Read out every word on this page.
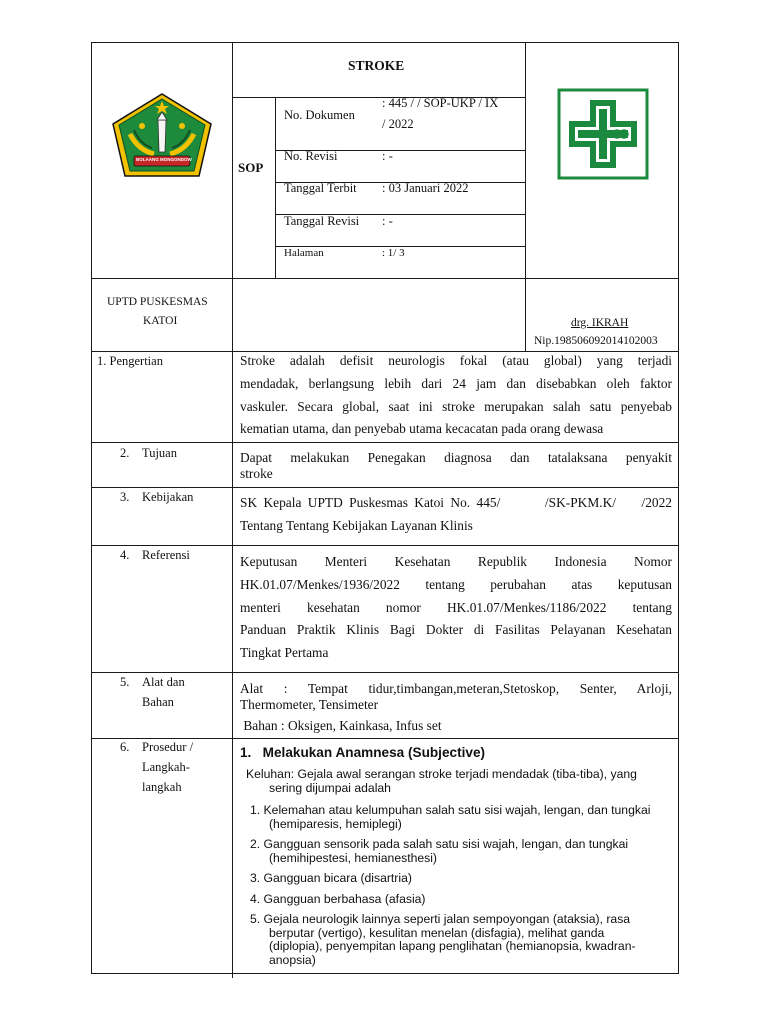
BOLAANG MONGONDOW
STROKE
SOP
No. Dokumen
: 445 / / SOP-UKP / IX
/ 2022
No. Revisi	: -
Tanggal Terbit : 03 Januari 2022
Tanggal Revisi : -
Halaman	: 1/ 3
UPTD PUSKESMAS
KATOI	drg. IKRAH
Nip.198506092014102003
1. Pengertian	Stroke adalah defisit neurologis fokal (atau global) yang terjadi
mendadak, berlangsung lebih dari 24 jam dan disebabkan oleh faktor
vaskuler. Secara global, saat ini stroke merupakan salah satu penyebab
kematian utama, dan penyebab utama kecacatan pada orang dewasa
2. Tujuan	Dapat melakukan Penegakan diagnosa dan tatalaksana penyakit
stroke
3. Kebijakan	SK Kepala UPTD Puskesmas Katoi No. 445/       /SK-PKM.K/    /2022
Tentang Tentang Kebijakan Layanan Klinis
4. Referensi	Keputusan Menteri Kesehatan Republik Indonesia Nomor
HK.01.07/Menkes/1936/2022 tentang perubahan atas keputusan
menteri kesehatan nomor HK.01.07/Menkes/1186/2022 tentang
Panduan Praktik Klinis Bagi Dokter di Fasilitas Pelayanan Kesehatan
Tingkat Pertama
5. Alat dan
Bahan
Alat : Tempat tidur,timbangan,meteran,Stetoskop, Senter, Arloji,
Thermometer, Tensimeter
Bahan : Oksigen, Kainkasa, Infus set
6. Prosedur /
Langkah-
langkah
1.   Melakukan Anamnesa (Subjective)
Keluhan: Gejala awal serangan stroke terjadi mendadak (tiba-tiba), yang
sering dijumpai adalah
1. Kelemahan atau kelumpuhan salah satu sisi wajah, lengan, dan tungkai
(hemiparesis, hemiplegi)
2. Gangguan sensorik pada salah satu sisi wajah, lengan, dan tungkai
(hemihipestesi, hemianesthesi)
3. Gangguan bicara (disartria)
4. Gangguan berbahasa (afasia)
5. Gejala neurologik lainnya seperti jalan sempoyongan (ataksia), rasa
berputar (vertigo), kesulitan menelan (disfagia), melihat ganda
(diplopia), penyempitan lapang penglihatan (hemianopsia, kwadran-
anopsia)
